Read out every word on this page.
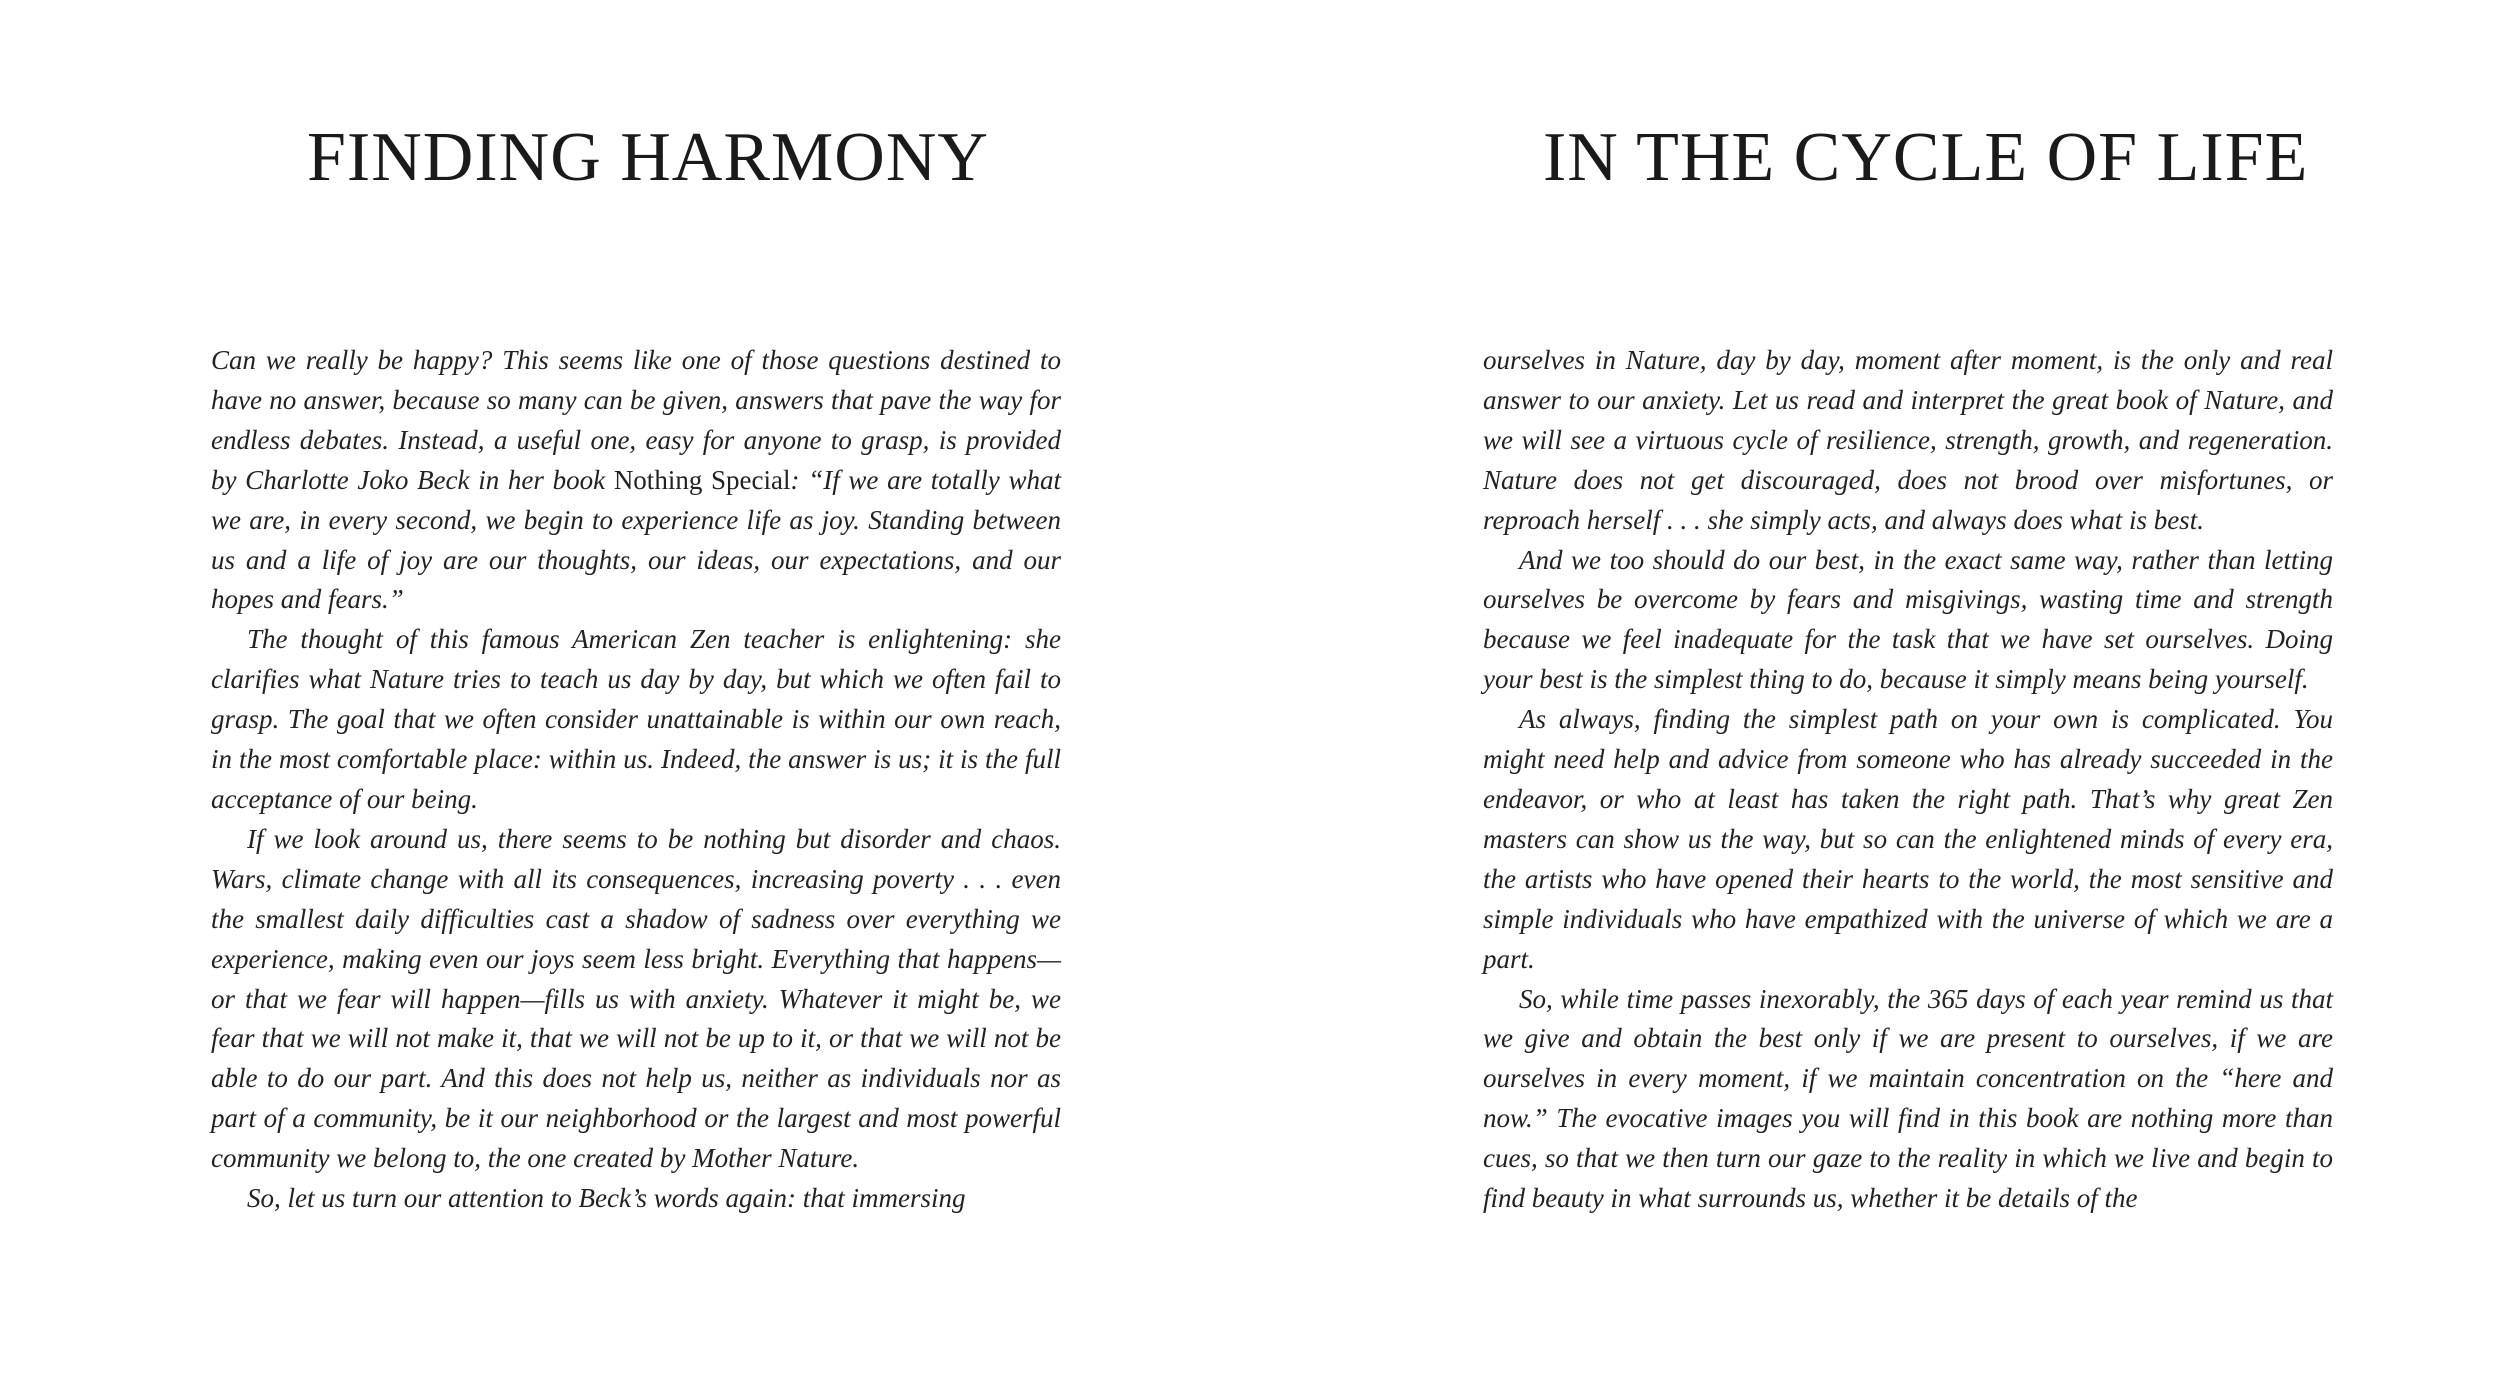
FINDING HARMONY

Can we really be happy? This seems like one of those questions destined to have no answer, because so many can be given, answers that pave the way for endless debates. Instead, a useful one, easy for anyone to grasp, is provided by Charlotte Joko Beck in her book Nothing Special: “If we are totally what we are, in every second, we begin to experience life as joy. Standing between us and a life of joy are our thoughts, our ideas, our expectations, and our hopes and fears.”

The thought of this famous American Zen teacher is enlightening: she clarifies what Nature tries to teach us day by day, but which we often fail to grasp. The goal that we often consider unattainable is within our own reach, in the most comfortable place: within us. Indeed, the answer is us; it is the full acceptance of our being.

If we look around us, there seems to be nothing but disorder and chaos. Wars, climate change with all its consequences, increasing poverty . . . even the smallest daily difficulties cast a shadow of sadness over everything we experience, making even our joys seem less bright. Everything that happens—or that we fear will happen—fills us with anxiety. Whatever it might be, we fear that we will not make it, that we will not be up to it, or that we will not be able to do our part. And this does not help us, neither as individuals nor as part of a community, be it our neighborhood or the largest and most powerful community we belong to, the one created by Mother Nature.

So, let us turn our attention to Beck’s words again: that immersing

IN THE CYCLE OF LIFE

ourselves in Nature, day by day, moment after moment, is the only and real answer to our anxiety. Let us read and interpret the great book of Nature, and we will see a virtuous cycle of resilience, strength, growth, and regeneration. Nature does not get discouraged, does not brood over misfortunes, or reproach herself . . . she simply acts, and always does what is best.

And we too should do our best, in the exact same way, rather than letting ourselves be overcome by fears and misgivings, wasting time and strength because we feel inadequate for the task that we have set ourselves. Doing your best is the simplest thing to do, because it simply means being yourself.

As always, finding the simplest path on your own is complicated. You might need help and advice from someone who has already succeeded in the endeavor, or who at least has taken the right path. That’s why great Zen masters can show us the way, but so can the enlightened minds of every era, the artists who have opened their hearts to the world, the most sensitive and simple individuals who have empathized with the universe of which we are a part.

So, while time passes inexorably, the 365 days of each year remind us that we give and obtain the best only if we are present to ourselves, if we are ourselves in every moment, if we maintain concentration on the “here and now.” The evocative images you will find in this book are nothing more than cues, so that we then turn our gaze to the reality in which we live and begin to find beauty in what surrounds us, whether it be details of the
